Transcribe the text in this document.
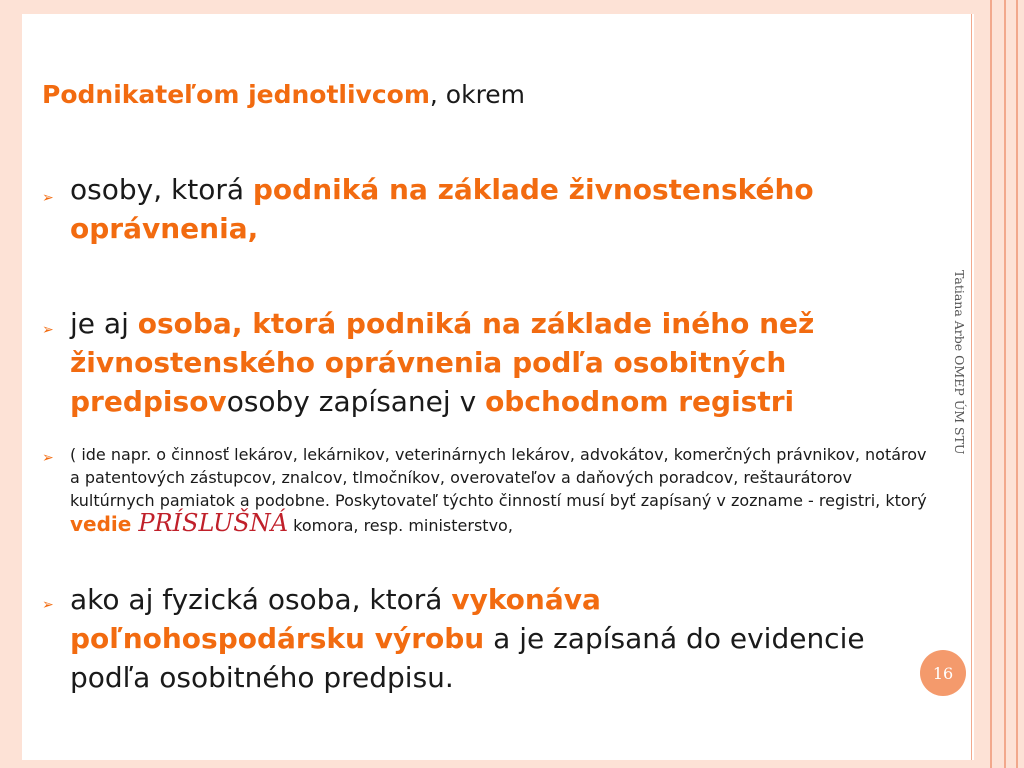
Podnikateľom jednotlivcom, okrem
➢ osoby, ktorá podniká na základe živnostenského oprávnenia,
➢ je aj osoba, ktorá podniká na základe iného než živnostenského oprávnenia podľa osobitných predpisovosoby zapísanej v obchodnom registri
➢ ( ide napr. o činnosť lekárov, lekárnikov, veterinárnych lekárov, advokátov, komerčných právnikov, notárov a patentových zástupcov, znalcov, tlmočníkov, overovateľov a daňových poradcov, reštaurátorov kultúrnych pamiatok a podobne. Poskytovateľ týchto činností musí byť zapísaný v zozname - registri, ktorý vedie PRÍSLUŠNÁ komora, resp. ministerstvo,
➢ ako aj fyzická osoba, ktorá vykonáva poľnohospodársku výrobu a je zapísaná do evidencie podľa osobitného predpisu.
Tatiana Arbe OMEP ÚM STU
16
